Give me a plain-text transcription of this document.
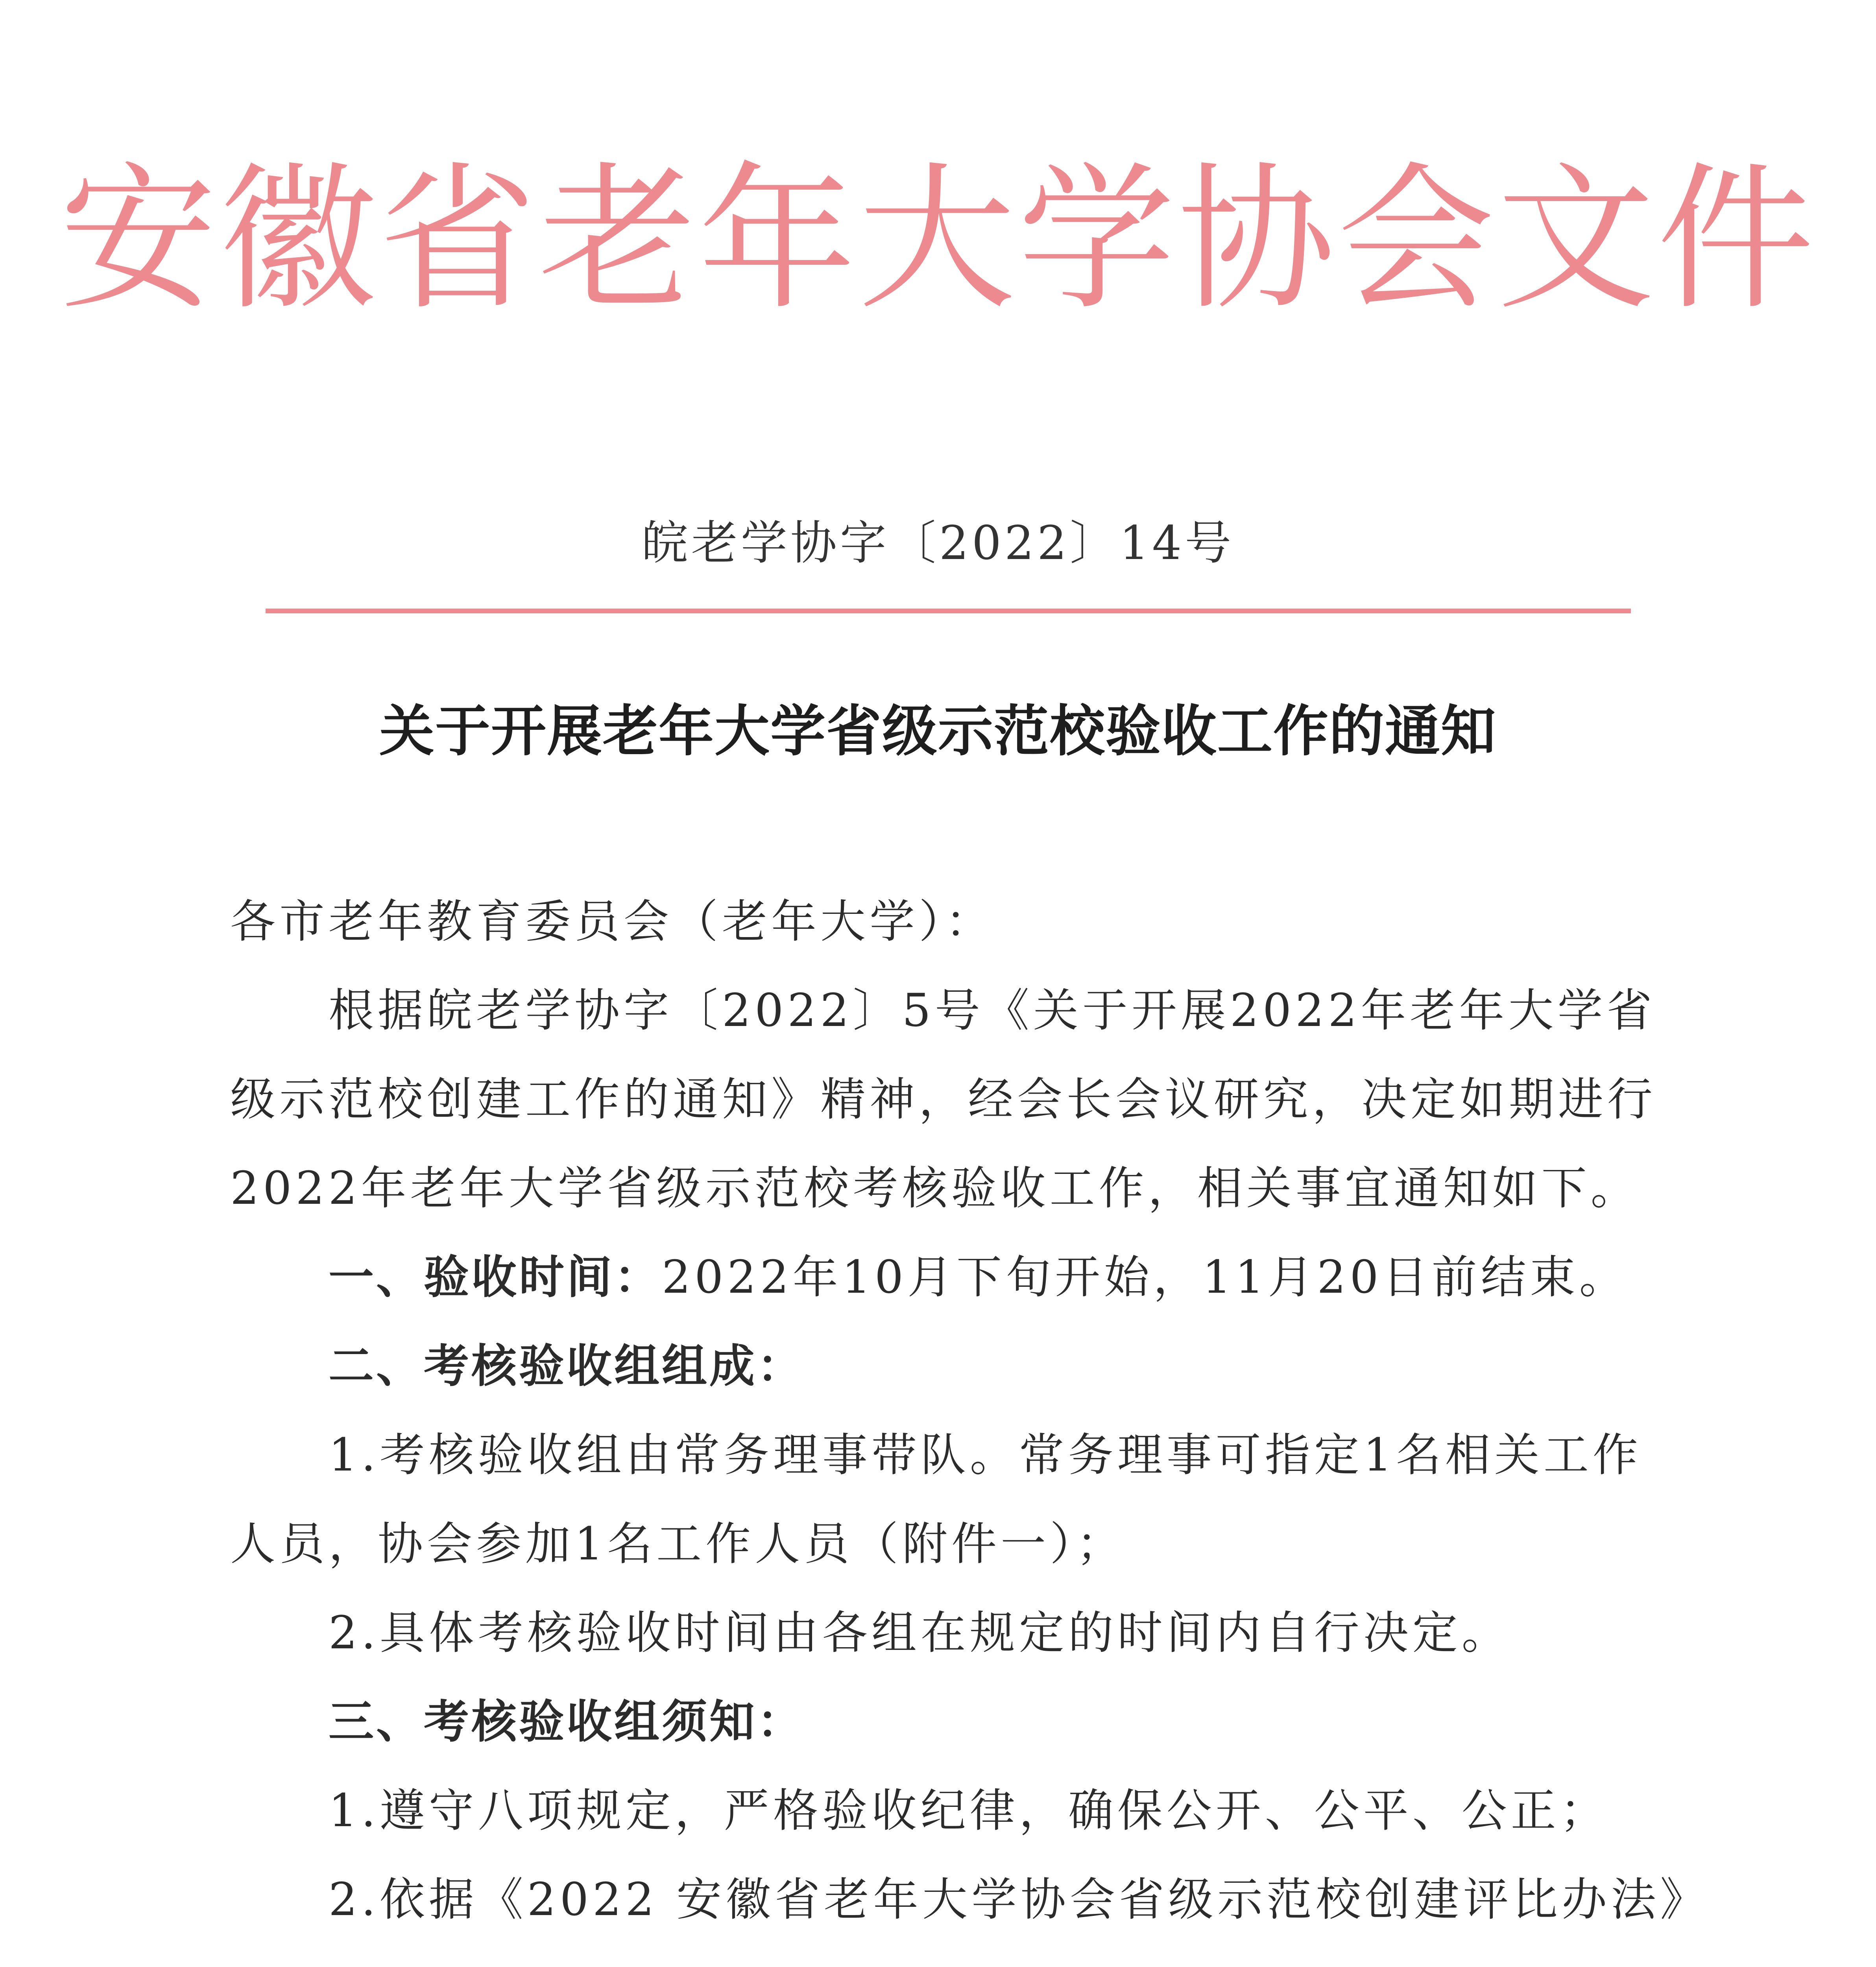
安徽省老年大学协会文件
皖老学协字〔2022〕14号
关于开展老年大学省级示范校验收工作的通知

各市老年教育委员会（老年大学）：

根据皖老学协字〔2022〕5号《关于开展2022年老年大学省级示范校创建工作的通知》精神，经会长会议研究，决定如期进行2022年老年大学省级示范校考核验收工作，相关事宜通知如下。

一、验收时间：2022年10月下旬开始，11月20日前结束。

二、考核验收组组成：

1.考核验收组由常务理事带队。常务理事可指定1名相关工作人员，协会参加1名工作人员（附件一）；

2.具体考核验收时间由各组在规定的时间内自行决定。

三、考核验收组须知：

1.遵守八项规定，严格验收纪律，确保公开、公平、公正；

2.依据《2022 安徽省老年大学协会省级示范校创建评比办法》
